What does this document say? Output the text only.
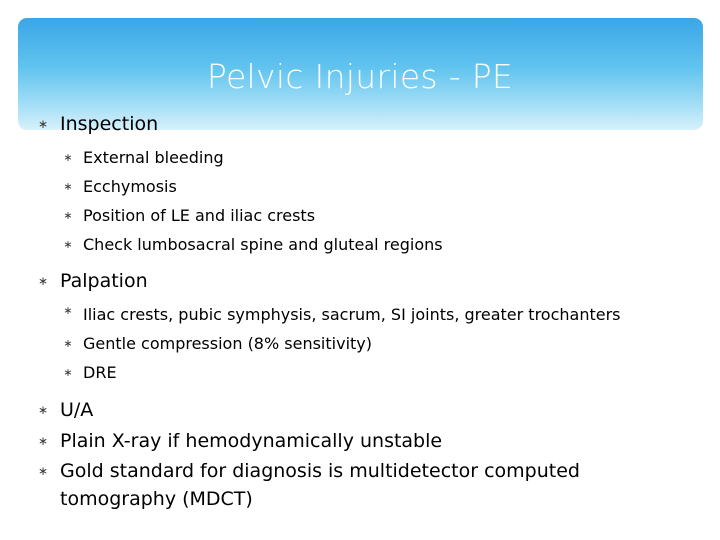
Pelvic Injuries - PE
∗ Inspection
∗ External bleeding
∗ Ecchymosis
∗ Position of LE and iliac crests
∗ Check lumbosacral spine and gluteal regions
∗ Palpation
∗ Iliac crests, pubic symphysis, sacrum, SI joints, greater trochanters
∗ Gentle compression (8% sensitivity)
∗ DRE
∗ U/A
∗ Plain X-ray if hemodynamically unstable
∗ Gold standard for diagnosis is multidetector computed tomography (MDCT)
